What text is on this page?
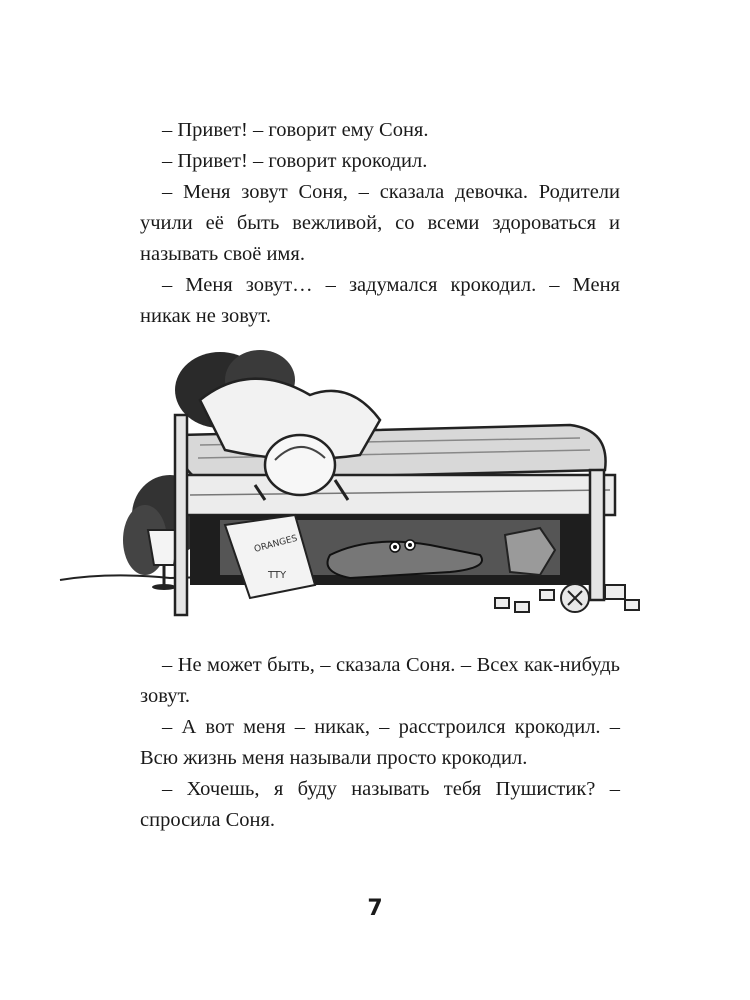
– Привет! – говорит ему Соня.

– Привет! – говорит крокодил.

– Меня зовут Соня, – сказала девочка. Родители учили её быть вежливой, со всеми здороваться и называть своё имя.

– Меня зовут… – задумался крокодил. – Меня никак не зовут.

ORANGES
TTY

– Не может быть, – сказала Соня. – Всех как-нибудь зовут.

– А вот меня – никак, – расстроился крокодил. – Всю жизнь меня называли просто крокодил.

– Хочешь, я буду называть тебя Пушистик? – спросила Соня.

7
